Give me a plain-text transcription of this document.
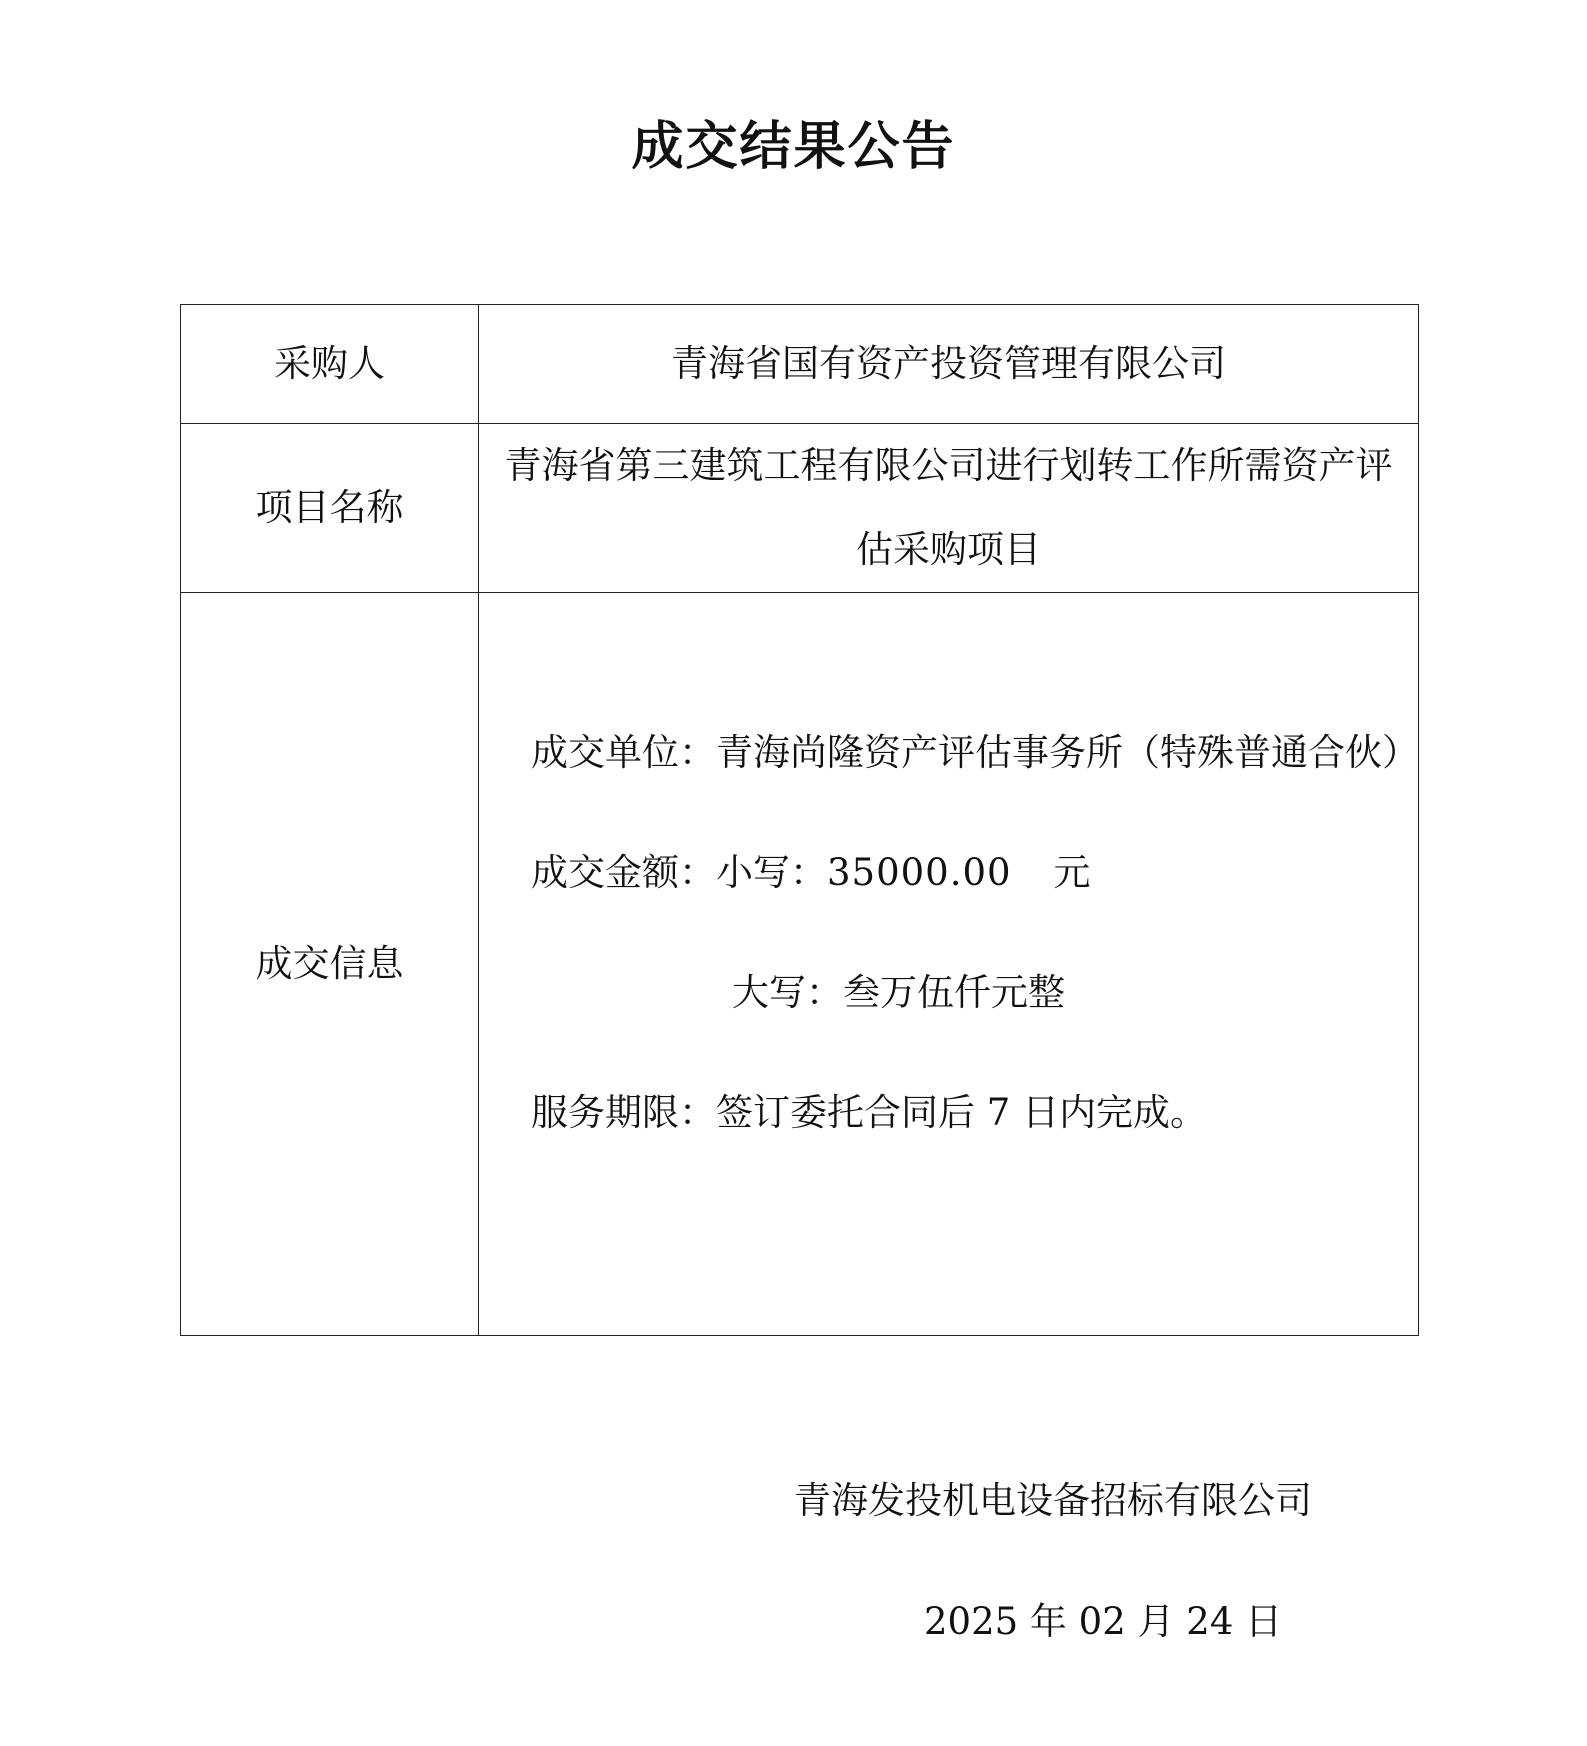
成交结果公告
采购人	青海省国有资产投资管理有限公司
项目名称	青海省第三建筑工程有限公司进行划转工作所需资产评估采购项目

成交信息	成交单位：青海尚隆资产评估事务所（特殊普通合伙）
成交金额：小写：35000.00 元
大写：叁万伍仟元整
服务期限：签订委托合同后 7 日内完成。
青海发投机电设备招标有限公司
2025 年 02 月 24 日
